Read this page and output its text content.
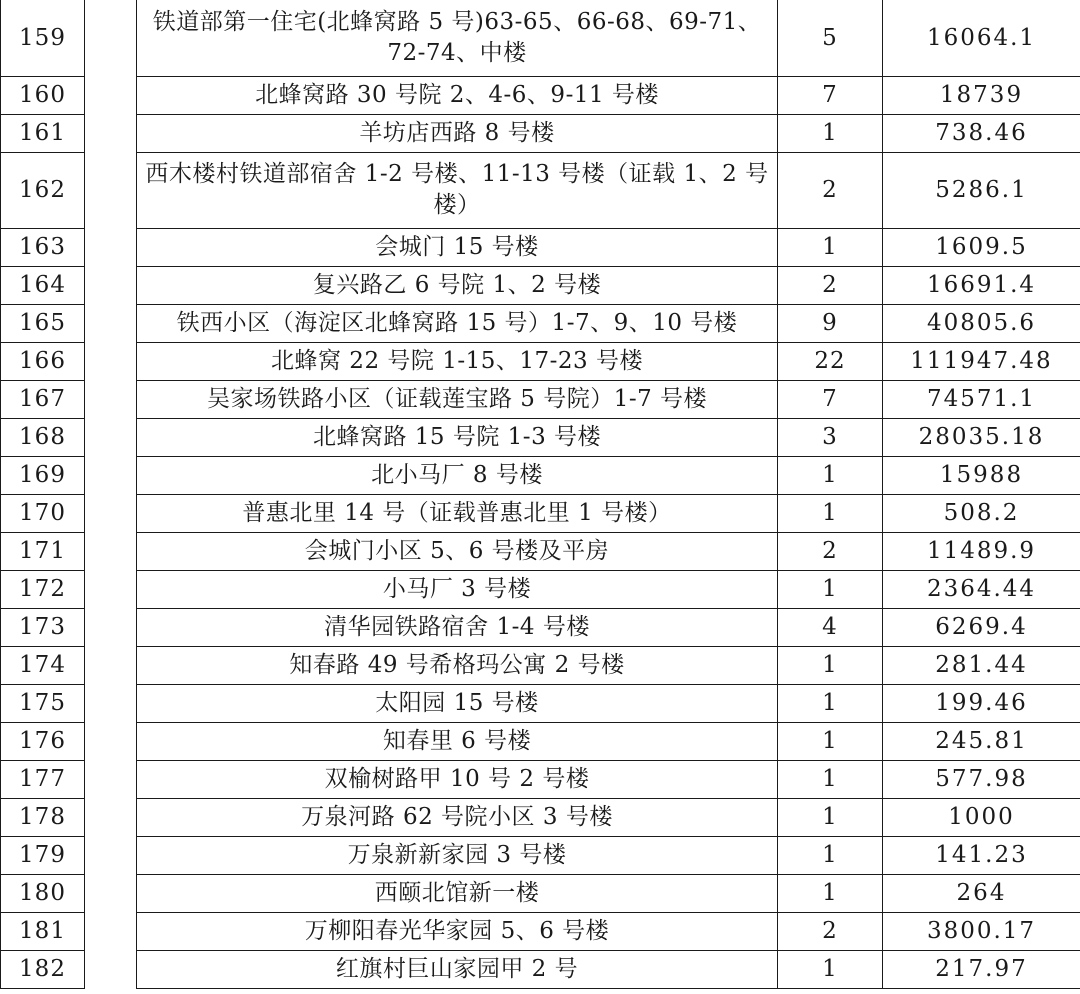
159		铁道部第一住宅(北蜂窝路 5 号)63-65、66-68、69-71、72-74、中楼	5	16064.1
160		北蜂窝路 30 号院 2、4-6、9-11 号楼	7	18739
161		羊坊店西路 8 号楼	1	738.46
162		西木楼村铁道部宿舍 1-2 号楼、11-13 号楼（证载 1、2 号楼）	2	5286.1
163		会城门 15 号楼	1	1609.5
164		复兴路乙 6 号院 1、2 号楼	2	16691.4
165		铁西小区（海淀区北蜂窝路 15 号）1-7、9、10 号楼	9	40805.6
166		北蜂窝 22 号院 1-15、17-23 号楼	22	111947.48
167		吴家场铁路小区（证载莲宝路 5 号院）1-7 号楼	7	74571.1
168		北蜂窝路 15 号院 1-3 号楼	3	28035.18
169		北小马厂 8 号楼	1	15988
170		普惠北里 14 号（证载普惠北里 1 号楼）	1	508.2
171		会城门小区 5、6 号楼及平房	2	11489.9
172		小马厂 3 号楼	1	2364.44
173		清华园铁路宿舍 1-4 号楼	4	6269.4
174		知春路 49 号希格玛公寓 2 号楼	1	281.44
175		太阳园 15 号楼	1	199.46
176		知春里 6 号楼	1	245.81
177		双榆树路甲 10 号 2 号楼	1	577.98
178		万泉河路 62 号院小区 3 号楼	1	1000
179		万泉新新家园 3 号楼	1	141.23
180		西颐北馆新一楼	1	264
181		万柳阳春光华家园 5、6 号楼	2	3800.17
182		红旗村巨山家园甲 2 号	1	217.97
